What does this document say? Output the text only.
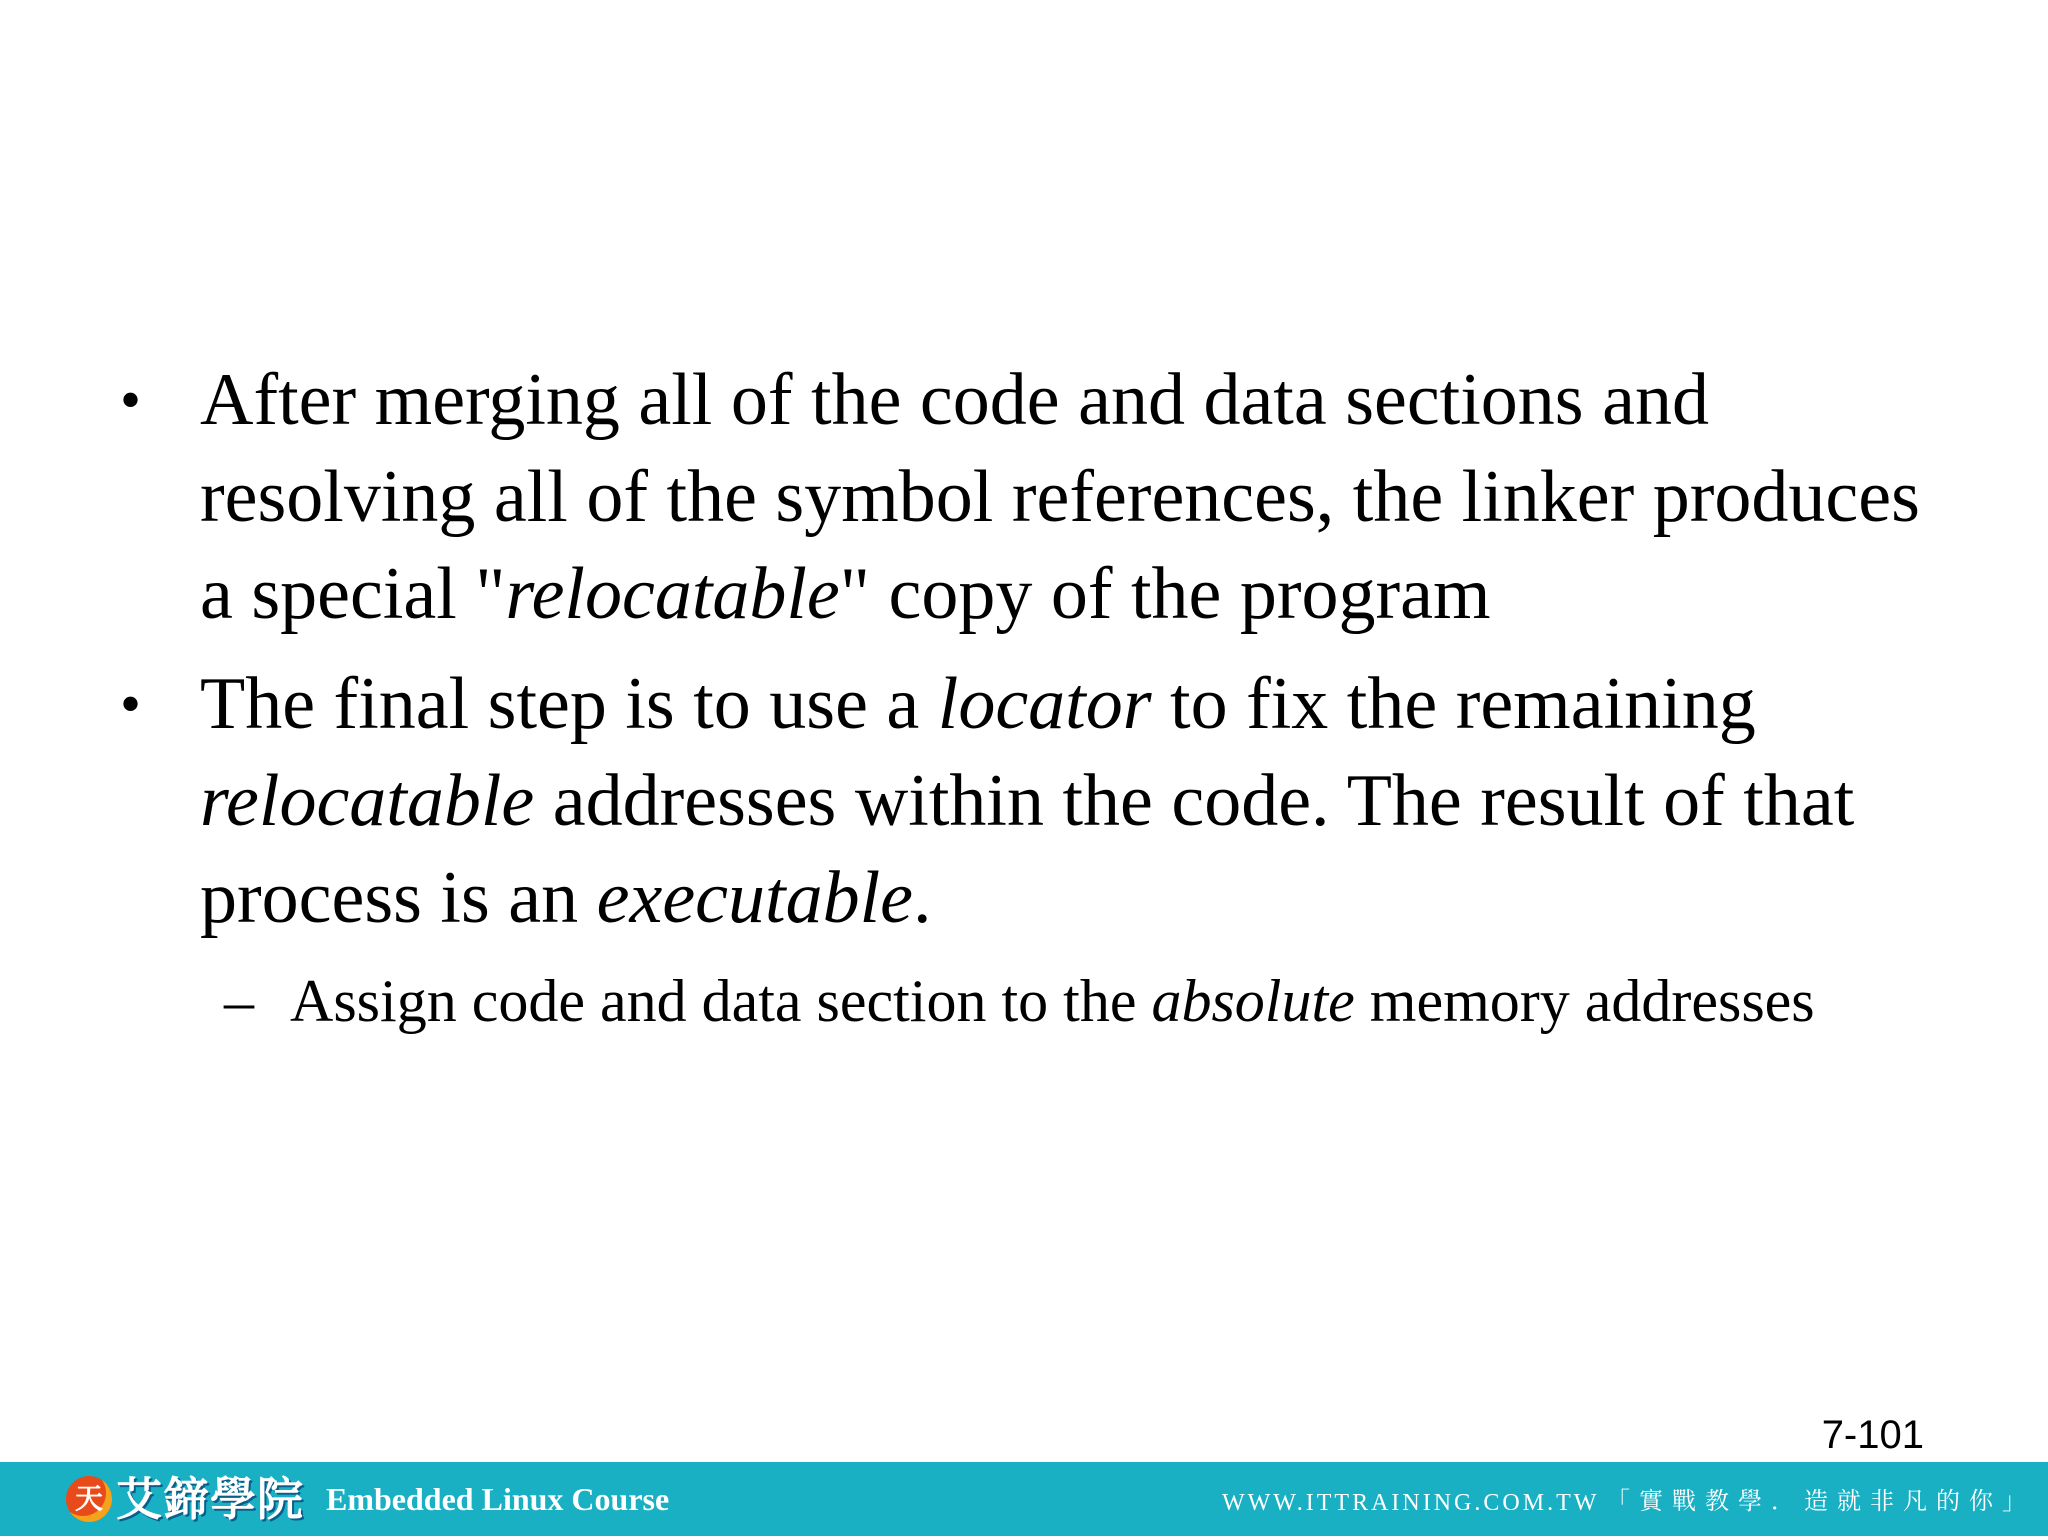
• After merging all of the code and data sections and resolving all of the symbol references, the linker produces a special "relocatable" copy of the program
• The final step is to use a locator to fix the remaining relocatable addresses within the code. The result of that process is an executable.
– Assign code and data section to the absolute memory addresses
7-101
天 艾鍗學院 Embedded Linux Course	WWW.ITTRAINING.COM.TW 「實戰教學．造就非凡的你」
